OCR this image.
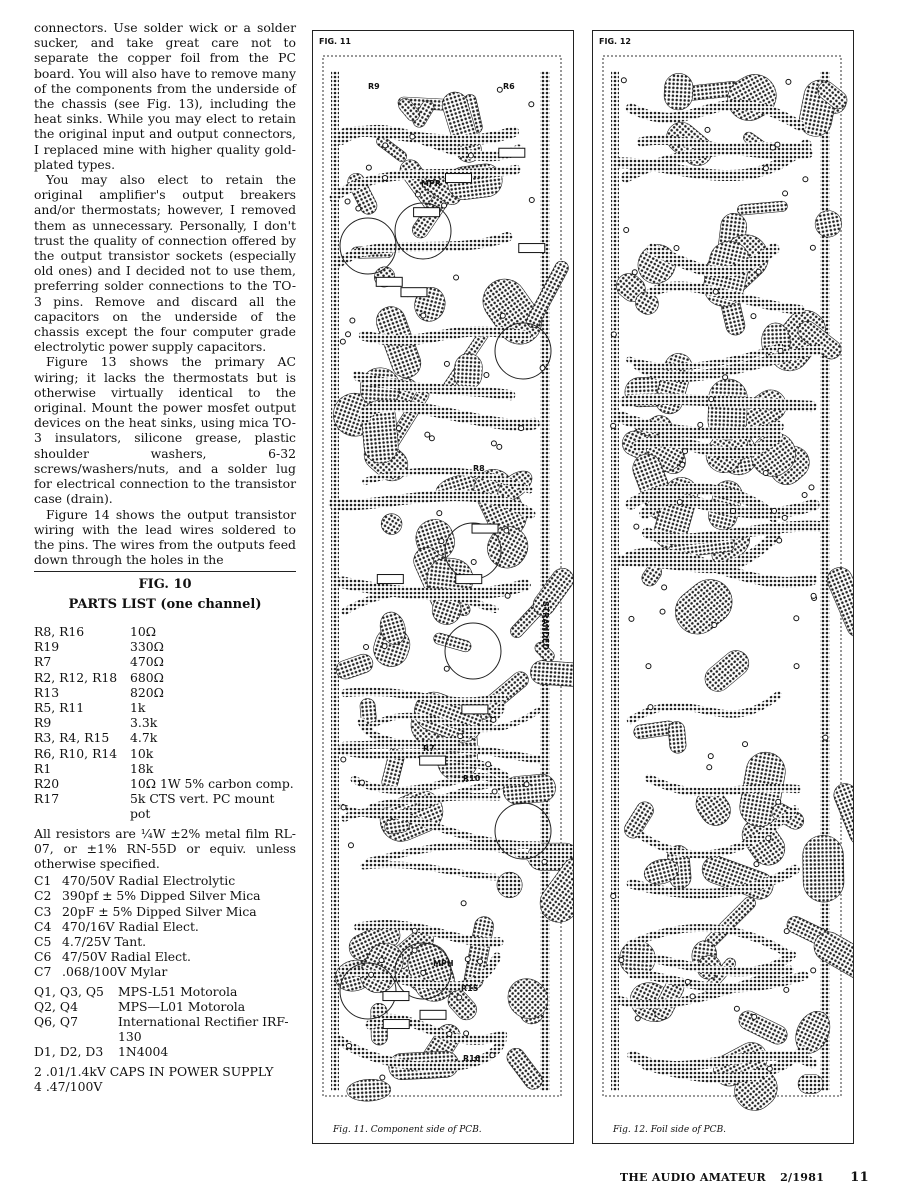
connectors. Use solder wick or a solder sucker, and take great care not to separate the copper foil from the PC board. You will also have to remove many of the components from the underside of the chassis (see Fig. 13), including the heat sinks. While you may elect to retain the original input and output connectors, I replaced mine with higher quality gold-plated types.

You may also elect to retain the original amplifier's output breakers and/or thermostats; however, I removed them as unnecessary. Personally, I don't trust the quality of connection offered by the output transistor sockets (especially old ones) and I decided not to use them, preferring solder connections to the TO-3 pins. Remove and discard all the capacitors on the underside of the chassis except the four computer grade electrolytic power supply capacitors.

Figure 13 shows the primary AC wiring; it lacks the thermostats but is otherwise virtually identical to the original. Mount the power mosfet output devices on the heat sinks, using mica TO-3 insulators, silicone grease, plastic shoulder washers, 6-32 screws/washers/nuts, and a solder lug for electrical connection to the transistor case (drain).

Figure 14 shows the output transistor wiring with the lead wires soldered to the pins. The wires from the outputs feed down through the holes in the

FIG. 10
PARTS LIST (one channel)
R8, R16	10Ω
R19	330Ω
R7	470Ω
R2, R12, R18	680Ω
R13	820Ω
R5, R11	1k
R9	3.3k
R3, R4, R15	4.7k
R6, R10, R14	10k
R1	18k
R20	10Ω 1W 5% carbon comp.
R17	5k CTS vert. PC mount pot
All resistors are ¼W ±2% metal film RL-07, or ±1% RN-55D or equiv. unless otherwise specified.
C1 470/50V Radial Electrolytic
C2 390pf ± 5% Dipped Silver Mica
C3 20pF ± 5% Dipped Silver Mica
C4 470/16V Radial Elect.
C5 4.7/25V Tant.
C6 47/50V Radial Elect.
C7 .068/100V Mylar
Q1, Q3, Q5	MPS-L51 Motorola
Q2, Q4	MPS—L01 Motorola
Q6, Q7	International Rectifier IRF-130
D1, D2, D3	1N4004
2 .01/1.4kV CAPS IN POWER SUPPLY
4 .47/100V
FIG. 11
R9	R6
MPR
R8
STRANDED
R10
R7
MPH
R15
R16
Fig. 11. Component side of PCB.
FIG. 12
Fig. 12. Foil side of PCB.
THE AUDIO AMATEUR 2/1981 11
